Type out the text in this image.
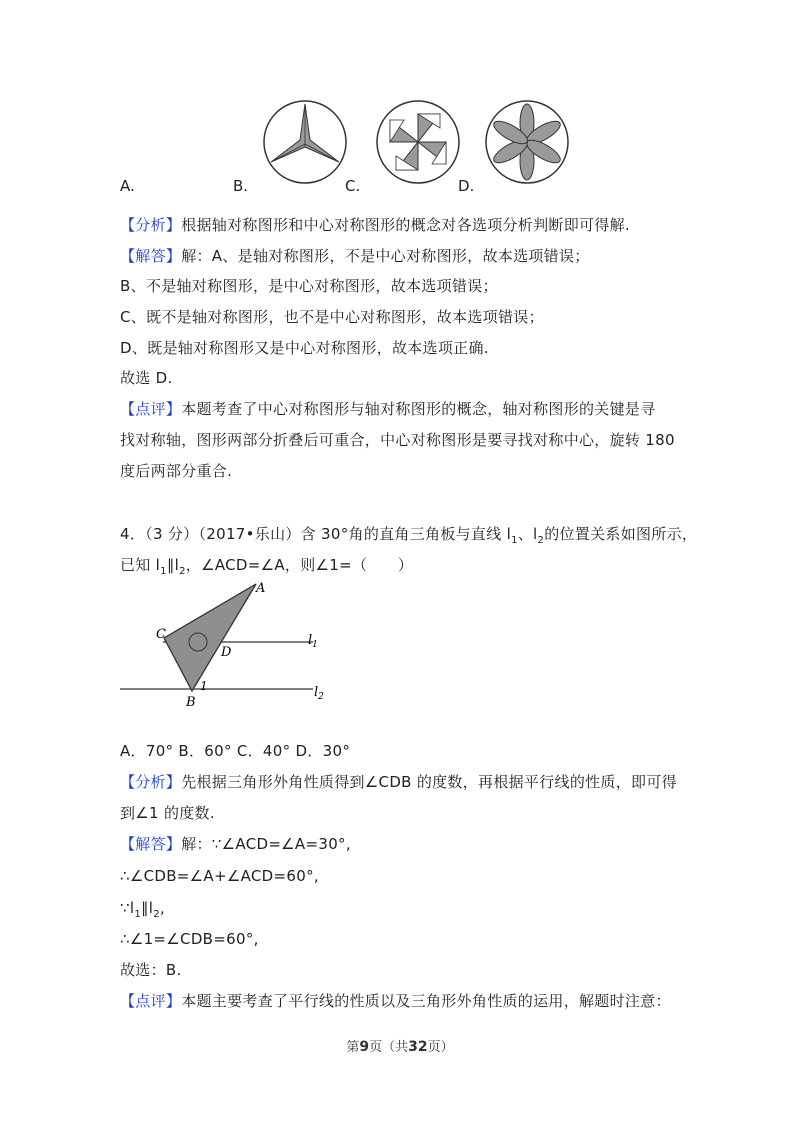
A.	B.	C.	D.
【分析】根据轴对称图形和中心对称图形的概念对各选项分析判断即可得解.
【解答】解：A、是轴对称图形，不是中心对称图形，故本选项错误；
B、不是轴对称图形，是中心对称图形，故本选项错误；
C、既不是轴对称图形，也不是中心对称图形，故本选项错误；
D、既是轴对称图形又是中心对称图形，故本选项正确.
故选 D.
【点评】本题考查了中心对称图形与轴对称图形的概念，轴对称图形的关键是寻
找对称轴，图形两部分折叠后可重合，中心对称图形是要寻找对称中心，旋转 180
度后两部分重合.
4．（3 分）（2017•乐山）含 30°角的直角三角板与直线 $l_1$、$l_2$的位置关系如图所示，
已知 $l_1\parallel l_2$，∠ACD=∠A，则∠1=（　　）
A
C
D
B
1
$l_1$
$l_2$
A．70° B．60° C．40° D．30°
【分析】先根据三角形外角性质得到∠CDB 的度数，再根据平行线的性质，即可得
到∠1 的度数.
【解答】解：∵∠ACD=∠A=30°,
∴∠CDB=∠A+∠ACD=60°,
$\because l_1\parallel l_2$,
∴∠1=∠CDB=60°,
故选：B.
【点评】本题主要考查了平行线的性质以及三角形外角性质的运用，解题时注意：
第9页（共32页）
